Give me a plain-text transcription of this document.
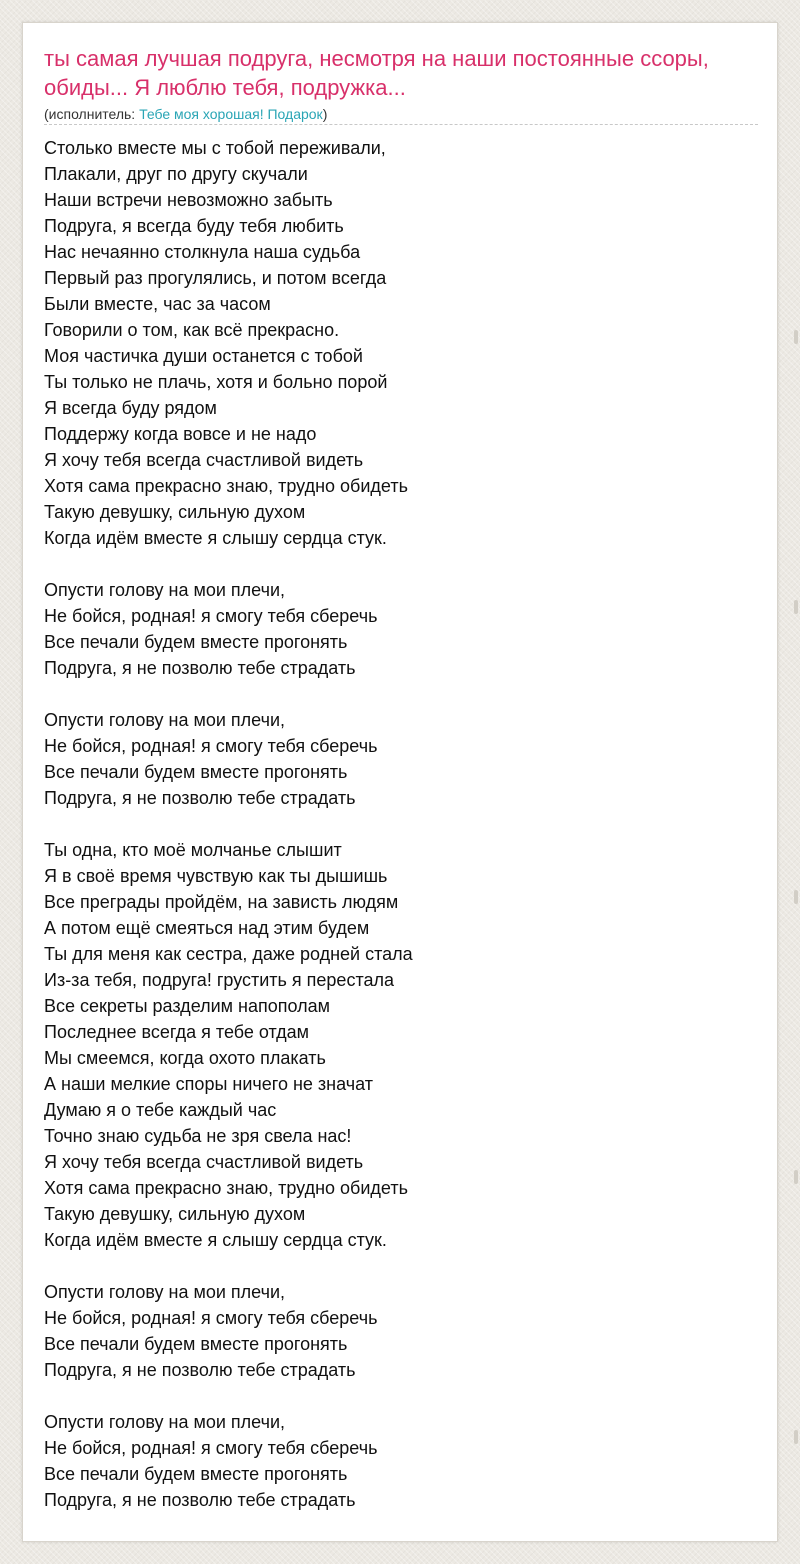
ты самая лучшая подруга, несмотря на наши постоянные ссоры, обиды... Я люблю тебя, подружка...
(исполнитель: Тебе моя хорошая! Подарок)
Столько вместе мы с тобой переживали,
Плакали, друг по другу скучали
Наши встречи невозможно забыть
Подруга, я всегда буду тебя любить
Нас нечаянно столкнула наша судьба
Первый раз прогулялись, и потом всегда
Были вместе, час за часом
Говорили о том, как всё прекрасно.
Моя частичка души останется с тобой
Ты только не плачь, хотя и больно порой
Я всегда буду рядом
Поддержу когда вовсе и не надо
Я хочу тебя всегда счастливой видеть
Хотя сама прекрасно знаю, трудно обидеть
Такую девушку, сильную духом
Когда идём вместе я слышу сердца стук.
Опусти голову на мои плечи,
Не бойся, родная! я смогу тебя сберечь
Все печали будем вместе прогонять
Подруга, я не позволю тебе страдать
Опусти голову на мои плечи,
Не бойся, родная! я смогу тебя сберечь
Все печали будем вместе прогонять
Подруга, я не позволю тебе страдать
Ты одна, кто моё молчанье слышит
Я в своё время чувствую как ты дышишь
Все преграды пройдём, на зависть людям
А потом ещё смеяться над этим будем
Ты для меня как сестра, даже родней стала
Из-за тебя, подруга! грустить я перестала
Все секреты разделим напополам
Последнее всегда я тебе отдам
Мы смеемся, когда охото плакать
А наши мелкие споры ничего не значат
Думаю я о тебе каждый час
Точно знаю судьба не зря свела нас!
Я хочу тебя всегда счастливой видеть
Хотя сама прекрасно знаю, трудно обидеть
Такую девушку, сильную духом
Когда идём вместе я слышу сердца стук.
Опусти голову на мои плечи,
Не бойся, родная! я смогу тебя сберечь
Все печали будем вместе прогонять
Подруга, я не позволю тебе страдать
Опусти голову на мои плечи,
Не бойся, родная! я смогу тебя сберечь
Все печали будем вместе прогонять
Подруга, я не позволю тебе страдать
